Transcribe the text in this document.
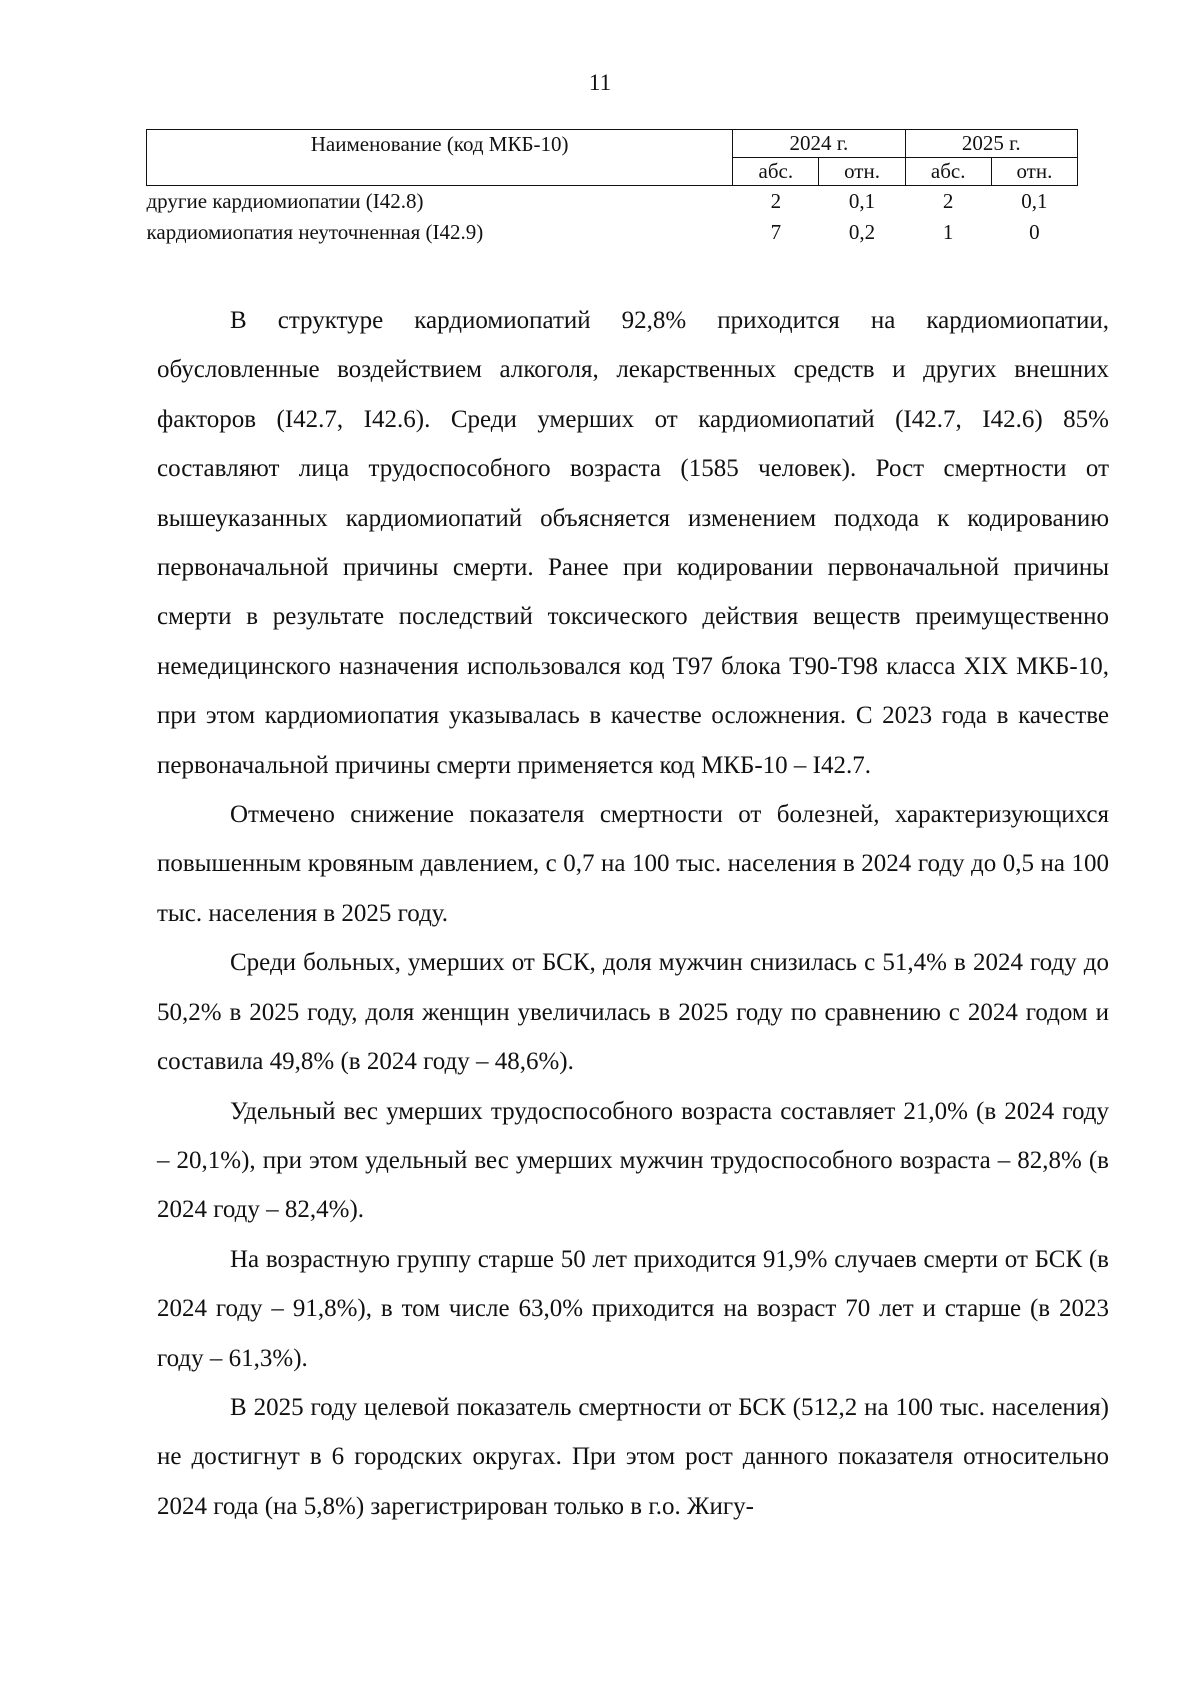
11
Наименование (код МКБ-10)	2024 г.		2025 г.	
	абс.	отн.	абс.	отн.
другие кардиомиопатии (I42.8)	2	0,1	2	0,1
кардиомиопатия неуточненная (I42.9)	7	0,2	1	0

В структуре кардиомиопатий 92,8% приходится на кардиомиопатии, обусловленные воздействием алкоголя, лекарственных средств и других внешних факторов (I42.7, I42.6). Среди умерших от кардиомиопатий (I42.7, I42.6) 85% составляют лица трудоспособного возраста (1585 человек). Рост смертности от вышеуказанных кардиомиопатий объясняется изменением подхода к кодированию первоначальной причины смерти. Ранее при кодировании первоначальной причины смерти в результате последствий токсического действия веществ преимущественно немедицинского назначения использовался код T97 блока T90-T98 класса XIX МКБ-10, при этом кардиомиопатия указывалась в качестве осложнения. С 2023 года в качестве первоначальной причины смерти применяется код МКБ-10 – I42.7.

Отмечено снижение показателя смертности от болезней, характеризующихся повышенным кровяным давлением, с 0,7 на 100 тыс. населения в 2024 году до 0,5 на 100 тыс. населения в 2025 году.

Среди больных, умерших от БСК, доля мужчин снизилась с 51,4% в 2024 году до 50,2% в 2025 году, доля женщин увеличилась в 2025 году по сравнению с 2024 годом и составила 49,8% (в 2024 году – 48,6%).

Удельный вес умерших трудоспособного возраста составляет 21,0% (в 2024 году – 20,1%), при этом удельный вес умерших мужчин трудоспособного возраста – 82,8% (в 2024 году – 82,4%).

На возрастную группу старше 50 лет приходится 91,9% случаев смерти от БСК (в 2024 году – 91,8%), в том числе 63,0% приходится на возраст 70 лет и старше (в 2023 году – 61,3%).

В 2025 году целевой показатель смертности от БСК (512,2 на 100 тыс. населения) не достигнут в 6 городских округах. При этом рост данного показателя относительно 2024 года (на 5,8%) зарегистрирован только в г.о. Жигу-
